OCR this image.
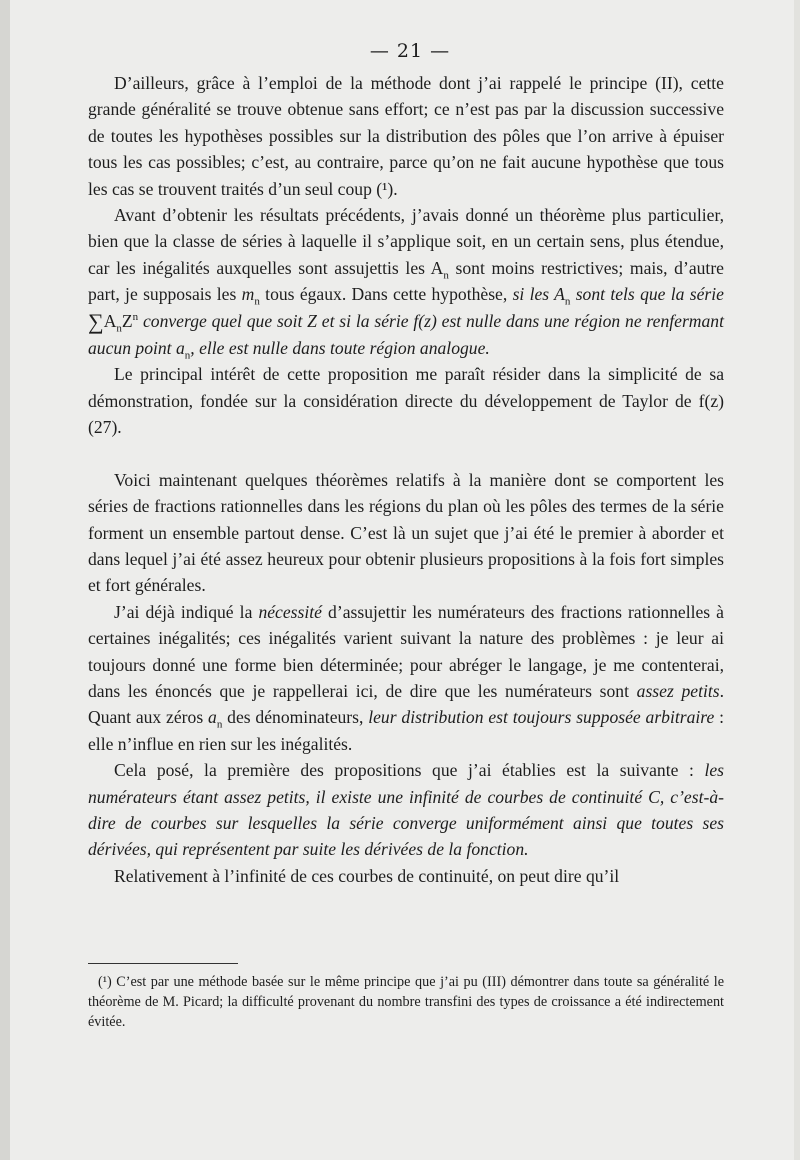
— 21 —

D’ailleurs, grâce à l’emploi de la méthode dont j’ai rappelé le principe (II), cette grande généralité se trouve obtenue sans effort; ce n’est pas par la discussion successive de toutes les hypothèses possibles sur la distribution des pôles que l’on arrive à épuiser tous les cas possibles; c’est, au contraire, parce qu’on ne fait aucune hypothèse que tous les cas se trouvent traités d’un seul coup (¹).

Avant d’obtenir les résultats précédents, j’avais donné un théorème plus particulier, bien que la classe de séries à laquelle il s’applique soit, en un certain sens, plus étendue, car les inégalités auxquelles sont assujettis les $A_n$ sont moins restrictives; mais, d’autre part, je supposais les $m_n$ tous égaux. Dans cette hypothèse, si les $A_n$ sont tels que la série $\sum A_nZ^n$ converge quel que soit Z et si la série f(z) est nulle dans une région ne renfermant aucun point $a_n$, elle est nulle dans toute région analogue.

Le principal intérêt de cette proposition me paraît résider dans la simplicité de sa démonstration, fondée sur la considération directe du développement de Taylor de f(z) (27).

Voici maintenant quelques théorèmes relatifs à la manière dont se comportent les séries de fractions rationnelles dans les régions du plan où les pôles des termes de la série forment un ensemble partout dense. C’est là un sujet que j’ai été le premier à aborder et dans lequel j’ai été assez heureux pour obtenir plusieurs propositions à la fois fort simples et fort générales.

J’ai déjà indiqué la nécessité d’assujettir les numérateurs des fractions rationnelles à certaines inégalités; ces inégalités varient suivant la nature des problèmes : je leur ai toujours donné une forme bien déterminée; pour abréger le langage, je me contenterai, dans les énoncés que je rappellerai ici, de dire que les numérateurs sont assez petits. Quant aux zéros $a_n$ des dénominateurs, leur distribution est toujours supposée arbitraire : elle n’influe en rien sur les inégalités.

Cela posé, la première des propositions que j’ai établies est la suivante : les numérateurs étant assez petits, il existe une infinité de courbes de continuité C, c’est-à-dire de courbes sur lesquelles la série converge uniformément ainsi que toutes ses dérivées, qui représentent par suite les dérivées de la fonction.

Relativement à l’infinité de ces courbes de continuité, on peut dire qu’il

(¹) C’est par une méthode basée sur le même principe que j’ai pu (III) démontrer dans toute sa généralité le théorème de M. Picard; la difficulté provenant du nombre transfini des types de croissance a été indirectement évitée.
